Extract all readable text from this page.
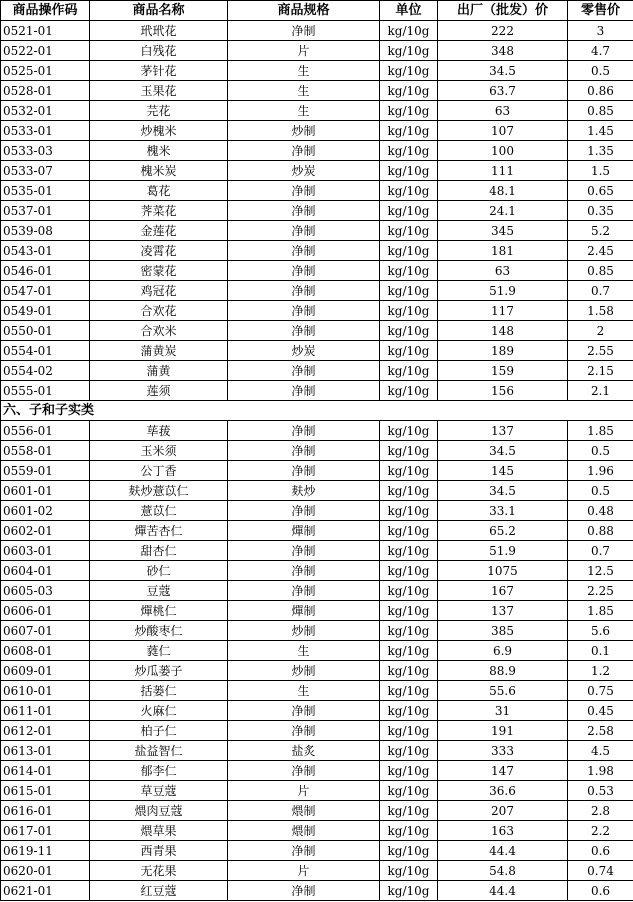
商品操作码	商品名称	商品规格	单位	出厂（批发）价	零售价
0521-01	玳玳花	净制	kg/10g	222	3
0522-01	白残花	片	kg/10g	348	4.7
0525-01	茅针花	生	kg/10g	34.5	0.5
0528-01	玉果花	生	kg/10g	63.7	0.86
0532-01	芫花	生	kg/10g	63	0.85
0533-01	炒槐米	炒制	kg/10g	107	1.45
0533-03	槐米	净制	kg/10g	100	1.35
0533-07	槐米炭	炒炭	kg/10g	111	1.5
0535-01	葛花	净制	kg/10g	48.1	0.65
0537-01	荠菜花	净制	kg/10g	24.1	0.35
0539-08	金莲花	净制	kg/10g	345	5.2
0543-01	凌霄花	净制	kg/10g	181	2.45
0546-01	密蒙花	净制	kg/10g	63	0.85
0547-01	鸡冠花	净制	kg/10g	51.9	0.7
0549-01	合欢花	净制	kg/10g	117	1.58
0550-01	合欢米	净制	kg/10g	148	2
0554-01	蒲黄炭	炒炭	kg/10g	189	2.55
0554-02	蒲黄	净制	kg/10g	159	2.15
0555-01	莲须	净制	kg/10g	156	2.1
六、子和子实类					
0556-01	荜菝	净制	kg/10g	137	1.85
0558-01	玉米须	净制	kg/10g	34.5	0.5
0559-01	公丁香	净制	kg/10g	145	1.96
0601-01	麸炒薏苡仁	麸炒	kg/10g	34.5	0.5
0601-02	薏苡仁	净制	kg/10g	33.1	0.48
0602-01	燀苦杏仁	燀制	kg/10g	65.2	0.88
0603-01	甜杏仁	净制	kg/10g	51.9	0.7
0604-01	砂仁	净制	kg/10g	1075	12.5
0605-03	豆蔻	净制	kg/10g	167	2.25
0606-01	燀桃仁	燀制	kg/10g	137	1.85
0607-01	炒酸枣仁	炒制	kg/10g	385	5.6
0608-01	蕤仁	生	kg/10g	6.9	0.1
0609-01	炒瓜蒌子	炒制	kg/10g	88.9	1.2
0610-01	括蒌仁	生	kg/10g	55.6	0.75
0611-01	火麻仁	净制	kg/10g	31	0.45
0612-01	柏子仁	净制	kg/10g	191	2.58
0613-01	盐益智仁	盐炙	kg/10g	333	4.5
0614-01	郁李仁	净制	kg/10g	147	1.98
0615-01	草豆蔻	片	kg/10g	36.6	0.53
0616-01	煨肉豆蔻	煨制	kg/10g	207	2.8
0617-01	煨草果	煨制	kg/10g	163	2.2
0619-11	西青果	净制	kg/10g	44.4	0.6
0620-01	无花果	片	kg/10g	54.8	0.74
0621-01	红豆蔻	净制	kg/10g	44.4	0.6
